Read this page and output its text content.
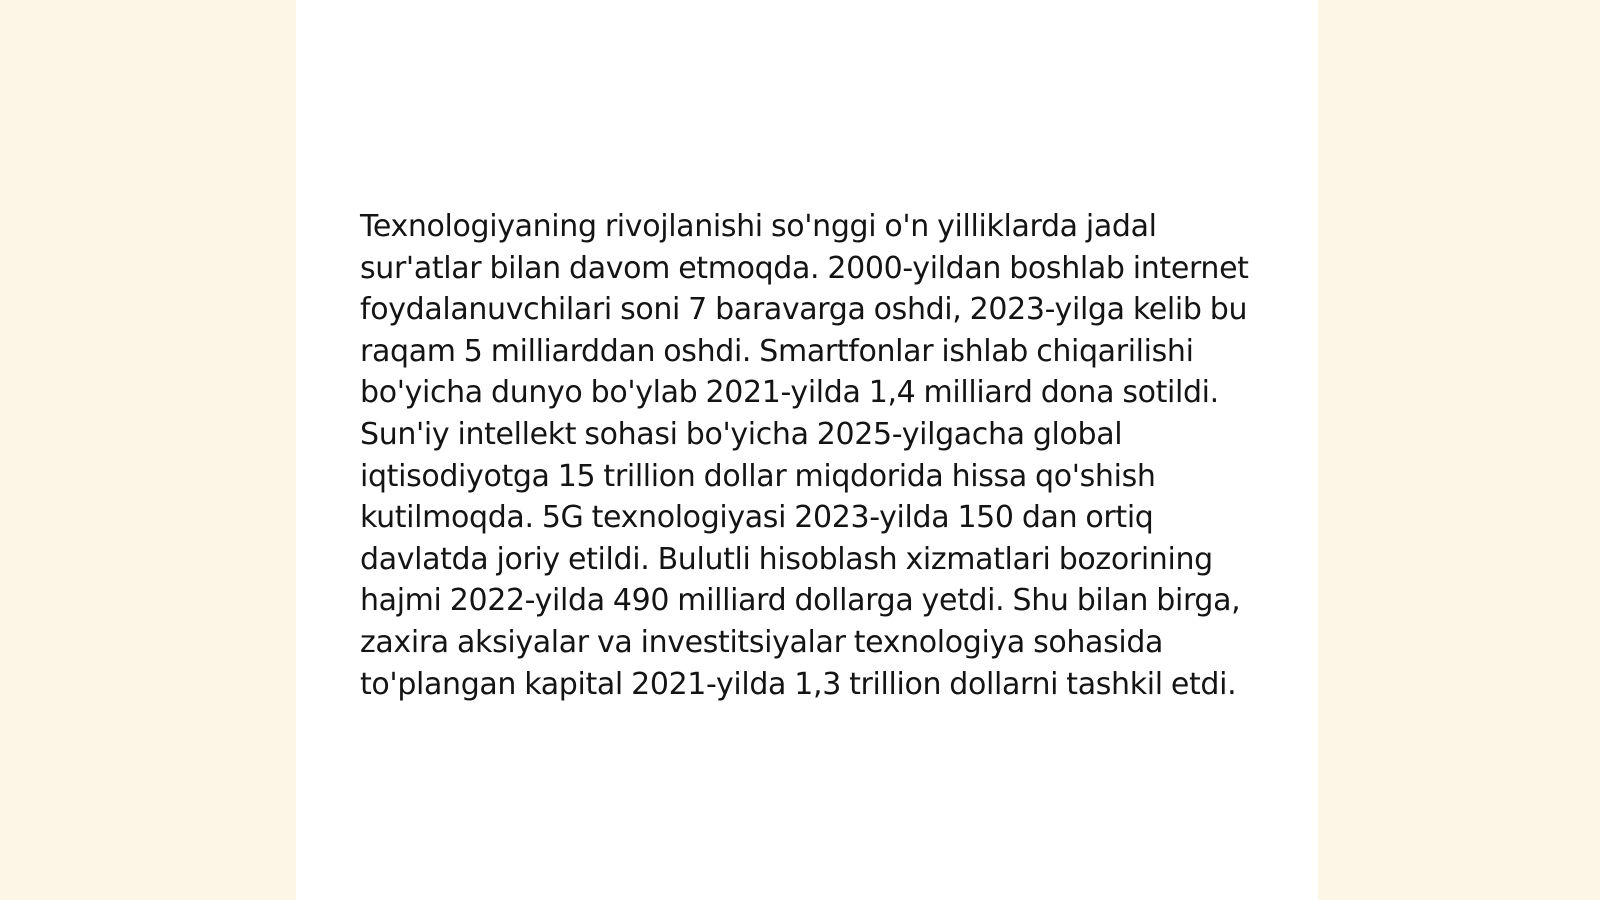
Texnologiyaning rivojlanishi so'nggi o'n yilliklarda jadal sur'atlar bilan davom etmoqda. 2000-yildan boshlab internet foydalanuvchilari soni 7 baravarga oshdi, 2023-yilga kelib bu raqam 5 milliarddan oshdi. Smartfonlar ishlab chiqarilishi bo'yicha dunyo bo'ylab 2021-yilda 1,4 milliard dona sotildi. Sun'iy intellekt sohasi bo'yicha 2025-yilgacha global iqtisodiyotga 15 trillion dollar miqdorida hissa qo'shish kutilmoqda. 5G texnologiyasi 2023-yilda 150 dan ortiq davlatda joriy etildi. Bulutli hisoblash xizmatlari bozorining hajmi 2022-yilda 490 milliard dollarga yetdi. Shu bilan birga, zaxira aksiyalar va investitsiyalar texnologiya sohasida to'plangan kapital 2021-yilda 1,3 trillion dollarni tashkil etdi.
